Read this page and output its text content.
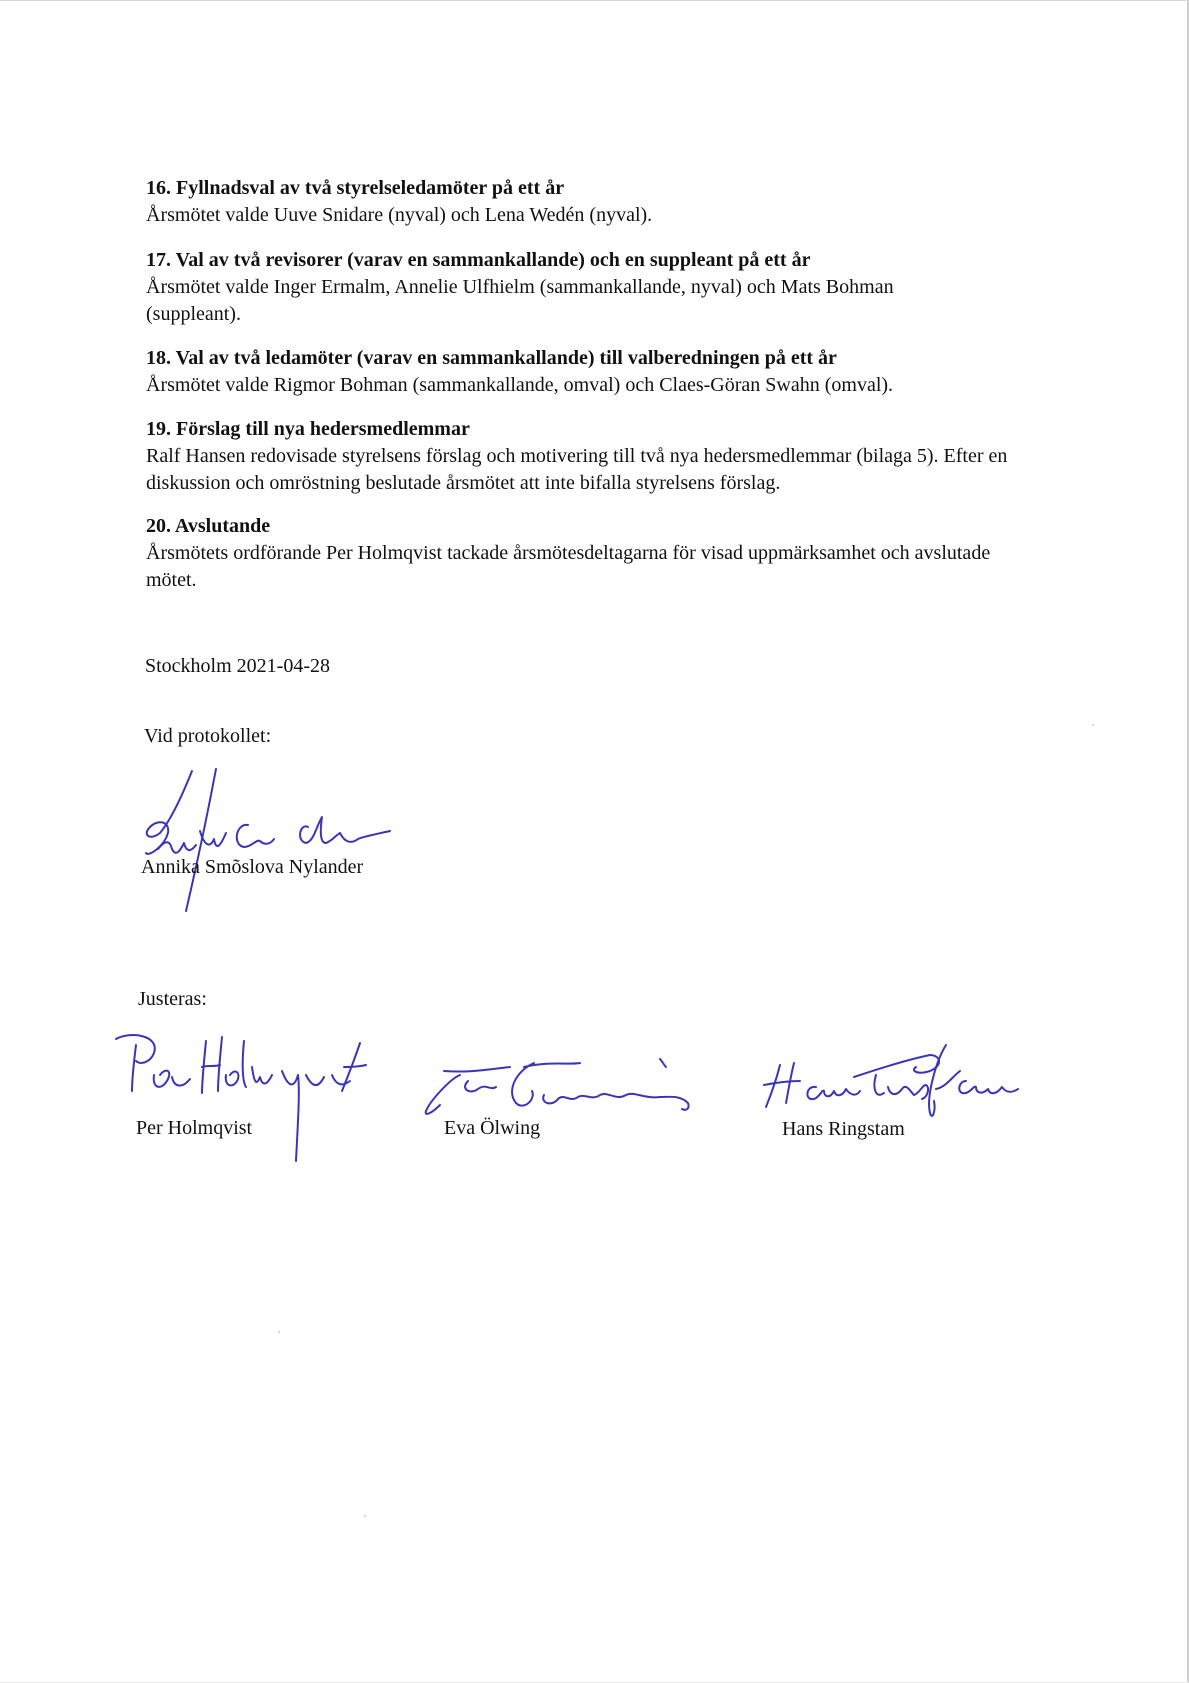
16. Fyllnadsval av två styrelseledamöter på ett år

Årsmötet valde Uuve Snidare (nyval) och Lena Wedén (nyval).

17. Val av två revisorer (varav en sammankallande) och en suppleant på ett år

Årsmötet valde Inger Ermalm, Annelie Ulfhielm (sammankallande, nyval) och Mats Bohman (suppleant).

18. Val av två ledamöter (varav en sammankallande) till valberedningen på ett år

Årsmötet valde Rigmor Bohman (sammankallande, omval) och Claes-Göran Swahn (omval).

19. Förslag till nya hedersmedlemmar

Ralf Hansen redovisade styrelsens förslag och motivering till två nya hedersmedlemmar (bilaga 5). Efter en diskussion och omröstning beslutade årsmötet att inte bifalla styrelsens förslag.

20. Avslutande

Årsmötets ordförande Per Holmqvist tackade årsmötesdeltagarna för visad uppmärksamhet och avslutade mötet.

Stockholm 2021-04-28
Vid protokollet:
Annika Smõslova Nylander
Justeras:
Per Holmqvist	Eva Ölwing	Hans Ringstam
